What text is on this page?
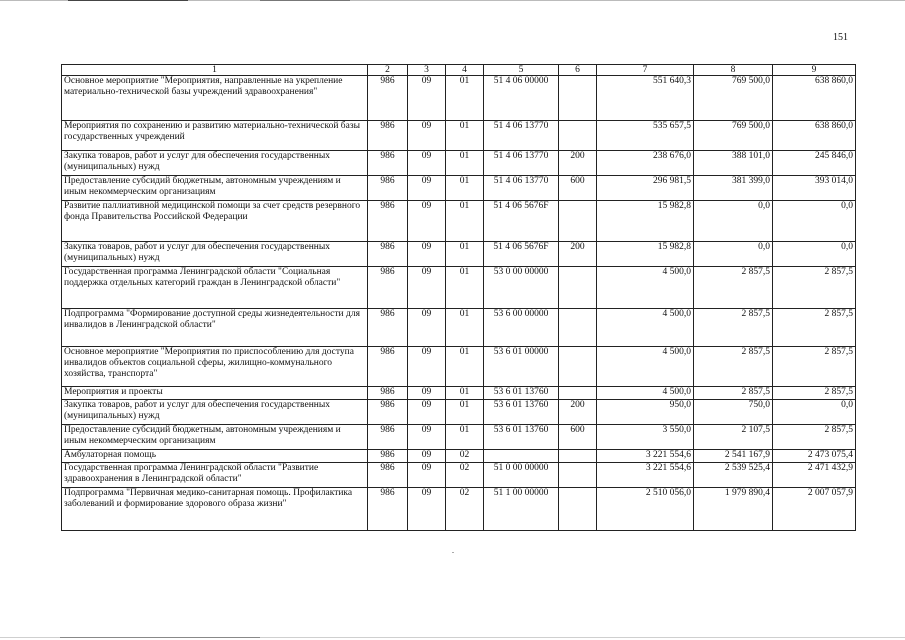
151
1	2	3	4	5	6	7	8	9
Основное мероприятие "Мероприятия, направленные на укрепление материально-технической базы учреждений здравоохранения"	986	09	01	51 4 06 00000		551 640,3	769 500,0	638 860,0
Мероприятия по сохранению и развитию материально-технической базы государственных учреждений	986	09	01	51 4 06 13770		535 657,5	769 500,0	638 860,0
Закупка товаров, работ и услуг для обеспечения государственных (муниципальных) нужд	986	09	01	51 4 06 13770	200	238 676,0	388 101,0	245 846,0
Предоставление субсидий бюджетным, автономным учреждениям и иным некоммерческим организациям	986	09	01	51 4 06 13770	600	296 981,5	381 399,0	393 014,0
Развитие паллиативной медицинской помощи за счет средств резервного фонда Правительства Российской Федерации	986	09	01	51 4 06 5676F		15 982,8	0,0	0,0
Закупка товаров, работ и услуг для обеспечения государственных (муниципальных) нужд	986	09	01	51 4 06 5676F	200	15 982,8	0,0	0,0
Государственная программа Ленинградской области "Социальная поддержка отдельных категорий граждан в Ленинградской области"	986	09	01	53 0 00 00000		4 500,0	2 857,5	2 857,5
Подпрограмма "Формирование доступной среды жизнедеятельности для инвалидов в Ленинградской области"	986	09	01	53 6 00 00000		4 500,0	2 857,5	2 857,5
Основное мероприятие "Мероприятия по приспособлению для доступа инвалидов объектов социальной сферы, жилищно-коммунального хозяйства, транспорта"	986	09	01	53 6 01 00000		4 500,0	2 857,5	2 857,5
Мероприятия и проекты	986	09	01	53 6 01 13760		4 500,0	2 857,5	2 857,5
Закупка товаров, работ и услуг для обеспечения государственных (муниципальных) нужд	986	09	01	53 6 01 13760	200	950,0	750,0	0,0
Предоставление субсидий бюджетным, автономным учреждениям и иным некоммерческим организациям	986	09	01	53 6 01 13760	600	3 550,0	2 107,5	2 857,5
Амбулаторная помощь	986	09	02			3 221 554,6	2 541 167,9	2 473 075,4
Государственная программа Ленинградской области "Развитие здравоохранения в Ленинградской области"	986	09	02	51 0 00 00000		3 221 554,6	2 539 525,4	2 471 432,9
Подпрограмма "Первичная медико-санитарная помощь. Профилактика заболеваний и формирование здорового образа жизни"	986	09	02	51 1 00 00000		2 510 056,0	1 979 890,4	2 007 057,9
